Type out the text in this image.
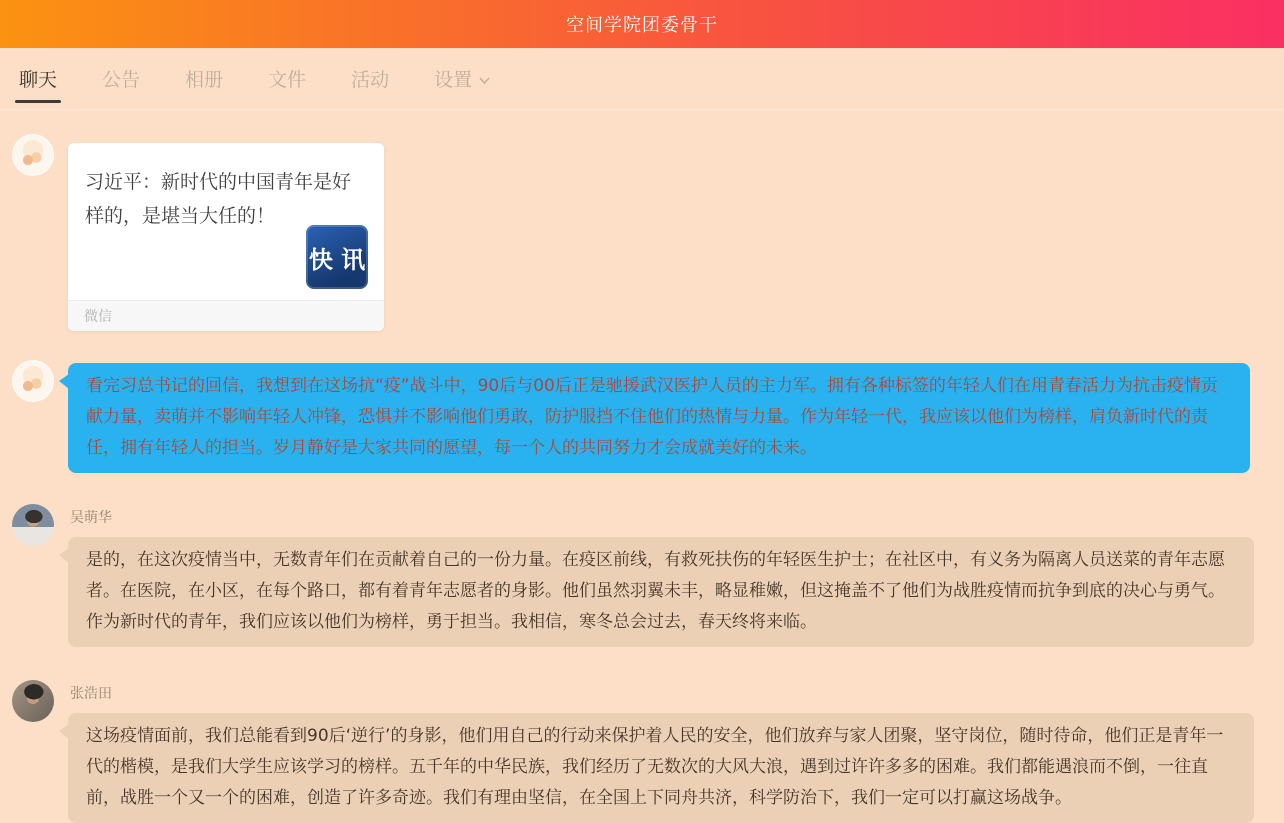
空间学院团委骨干
聊天 公告 相册 文件 活动 设置
习近平：新时代的中国青年是好样的，是堪当大任的！
快 讯
微信
看完习总书记的回信，我想到在这场抗“疫”战斗中，90后与00后正是驰援武汉医护人员的主力军。拥有各种标签的年轻人们在用青春活力为抗击疫情贡献力量，卖萌并不影响年轻人冲锋，恐惧并不影响他们勇敢，防护服挡不住他们的热情与力量。作为年轻一代，我应该以他们为榜样，肩负新时代的责任，拥有年轻人的担当。岁月静好是大家共同的愿望，每一个人的共同努力才会成就美好的未来。
吴萌华
是的，在这次疫情当中，无数青年们在贡献着自己的一份力量。在疫区前线，有救死扶伤的年轻医生护士；在社区中，有义务为隔离人员送菜的青年志愿者。在医院，在小区，在每个路口，都有着青年志愿者的身影。他们虽然羽翼未丰，略显稚嫩，但这掩盖不了他们为战胜疫情而抗争到底的决心与勇气。作为新时代的青年，我们应该以他们为榜样，勇于担当。我相信，寒冬总会过去，春天终将来临。
张浩田
这场疫情面前，我们总能看到90后‘逆行’的身影，他们用自己的行动来保护着人民的安全，他们放弃与家人团聚，坚守岗位，随时待命，他们正是青年一代的楷模，是我们大学生应该学习的榜样。五千年的中华民族，我们经历了无数次的大风大浪，遇到过许许多多的困难。我们都能遇浪而不倒，一往直前，战胜一个又一个的困难，创造了许多奇迹。我们有理由坚信，在全国上下同舟共济，科学防治下，我们一定可以打赢这场战争。
